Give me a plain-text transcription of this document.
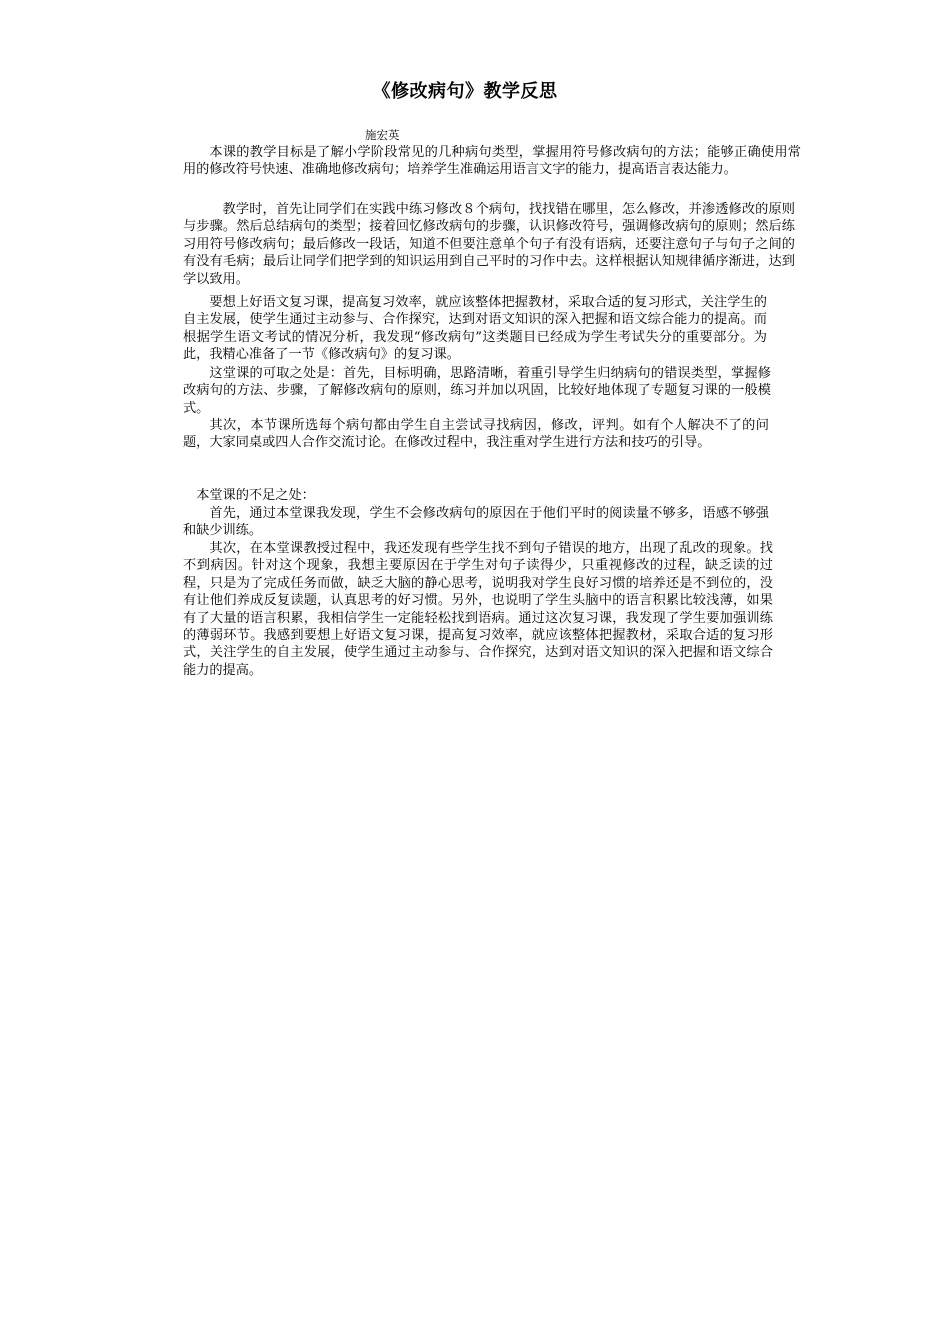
《修改病句》教学反思
施宏英

本课的教学目标是了解小学阶段常见的几种病句类型，掌握用符号修改病句的方法；能够正确使用常用的修改符号快速、准确地修改病句；培养学生准确运用语言文字的能力，提高语言表达能力。

教学时，首先让同学们在实践中练习修改８个病句，找找错在哪里，怎么修改，并渗透修改的原则与步骤。然后总结病句的类型；接着回忆修改病句的步骤，认识修改符号，强调修改病句的原则；然后练习用符号修改病句；最后修改一段话，知道不但要注意单个句子有没有语病，还要注意句子与句子之间的有没有毛病；最后让同学们把学到的知识运用到自己平时的习作中去。这样根据认知规律循序渐进，达到学以致用。

要想上好语文复习课，提高复习效率，就应该整体把握教材，采取合适的复习形式，关注学生的自主发展，使学生通过主动参与、合作探究，达到对语文知识的深入把握和语文综合能力的提高。而根据学生语文考试的情况分析，我发现“修改病句”这类题目已经成为学生考试失分的重要部分。为此，我精心准备了一节《修改病句》的复习课。

这堂课的可取之处是：首先，目标明确，思路清晰，着重引导学生归纳病句的错误类型，掌握修改病句的方法、步骤，了解修改病句的原则，练习并加以巩固，比较好地体现了专题复习课的一般模式。

其次，本节课所选每个病句都由学生自主尝试寻找病因，修改，评判。如有个人解决不了的问题，大家同桌或四人合作交流讨论。在修改过程中，我注重对学生进行方法和技巧的引导。

本堂课的不足之处：

首先，通过本堂课我发现，学生不会修改病句的原因在于他们平时的阅读量不够多，语感不够强和缺少训练。

其次，在本堂课教授过程中，我还发现有些学生找不到句子错误的地方，出现了乱改的现象。找不到病因。针对这个现象，我想主要原因在于学生对句子读得少，只重视修改的过程，缺乏读的过程，只是为了完成任务而做，缺乏大脑的静心思考，说明我对学生良好习惯的培养还是不到位的，没有让他们养成反复读题，认真思考的好习惯。另外，也说明了学生头脑中的语言积累比较浅薄，如果有了大量的语言积累，我相信学生一定能轻松找到语病。通过这次复习课，我发现了学生要加强训练的薄弱环节。我感到要想上好语文复习课，提高复习效率，就应该整体把握教材，采取合适的复习形式，关注学生的自主发展，使学生通过主动参与、合作探究，达到对语文知识的深入把握和语文综合能力的提高。
